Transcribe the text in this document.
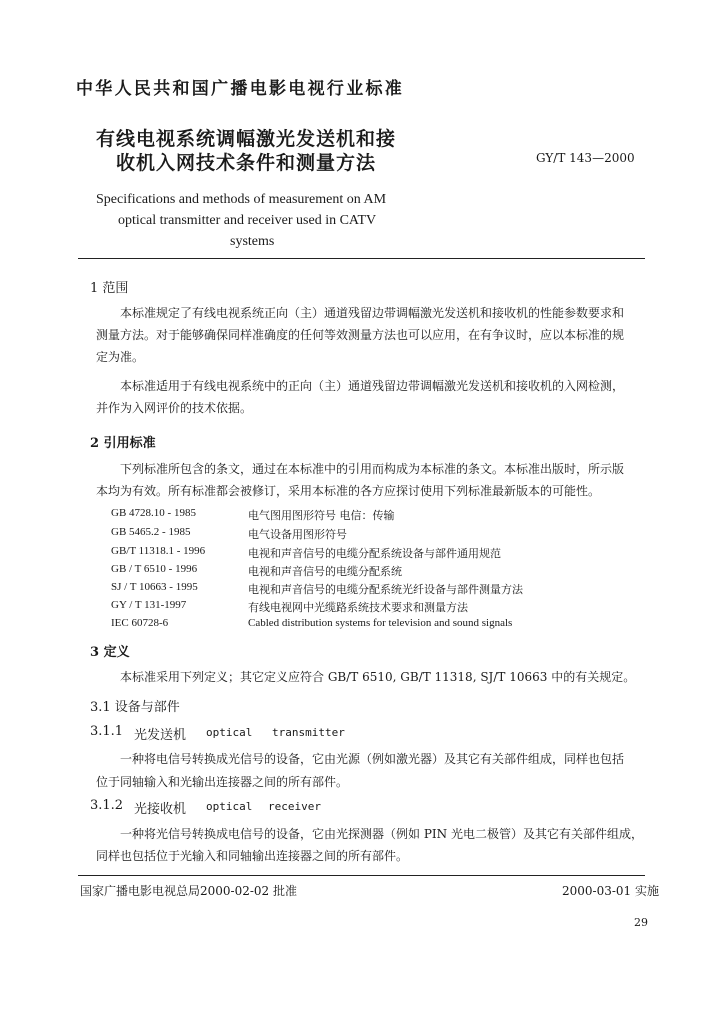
中华人民共和国广播电影电视行业标准
有线电视系统调幅激光发送机和接
收机入网技术条件和测量方法	GY/T 143—2000
Specifications and methods of measurement on AM
optical transmitter and receiver used in CATV
systems
1 范围
本标准规定了有线电视系统正向（主）通道残留边带调幅激光发送机和接收机的性能参数要求和
测量方法。对于能够确保同样准确度的任何等效测量方法也可以应用，在有争议时，应以本标准的规
定为准。
本标准适用于有线电视系统中的正向（主）通道残留边带调幅激光发送机和接收机的入网检测，
并作为入网评价的技术依据。
2 引用标准
下列标准所包含的条文，通过在本标准中的引用而构成为本标准的条文。本标准出版时，所示版
本均为有效。所有标准都会被修订，采用本标准的各方应探讨使用下列标准最新版本的可能性。
GB 4728.10 - 1985	电气图用图形符号 电信：传输
GB 5465.2 - 1985	电气设备用图形符号
GB/T 11318.1 - 1996	电视和声音信号的电缆分配系统设备与部件通用规范
GB / T 6510 - 1996	电视和声音信号的电缆分配系统
SJ / T 10663 - 1995	电视和声音信号的电缆分配系统光纤设备与部件测量方法
GY / T 131-1997	有线电视网中光缆路系统技术要求和测量方法
IEC 60728-6	Cabled distribution systems for television and sound signals
3 定义
本标准采用下列定义；其它定义应符合 GB/T 6510, GB/T 11318, SJ/T 10663 中的有关规定。
3.1 设备与部件
3.1.1 光发送机 optical transmitter
一种将电信号转换成光信号的设备，它由光源（例如激光器）及其它有关部件组成，同样也包括
位于同轴输入和光输出连接器之间的所有部件。
3.1.2 光接收机 optical receiver
一种将光信号转换成电信号的设备，它由光探测器（例如 PIN 光电二极管）及其它有关部件组成，
同样也包括位于光输入和同轴输出连接器之间的所有部件。
国家广播电影电视总局2000-02-02 批准	2000-03-01 实施
29
